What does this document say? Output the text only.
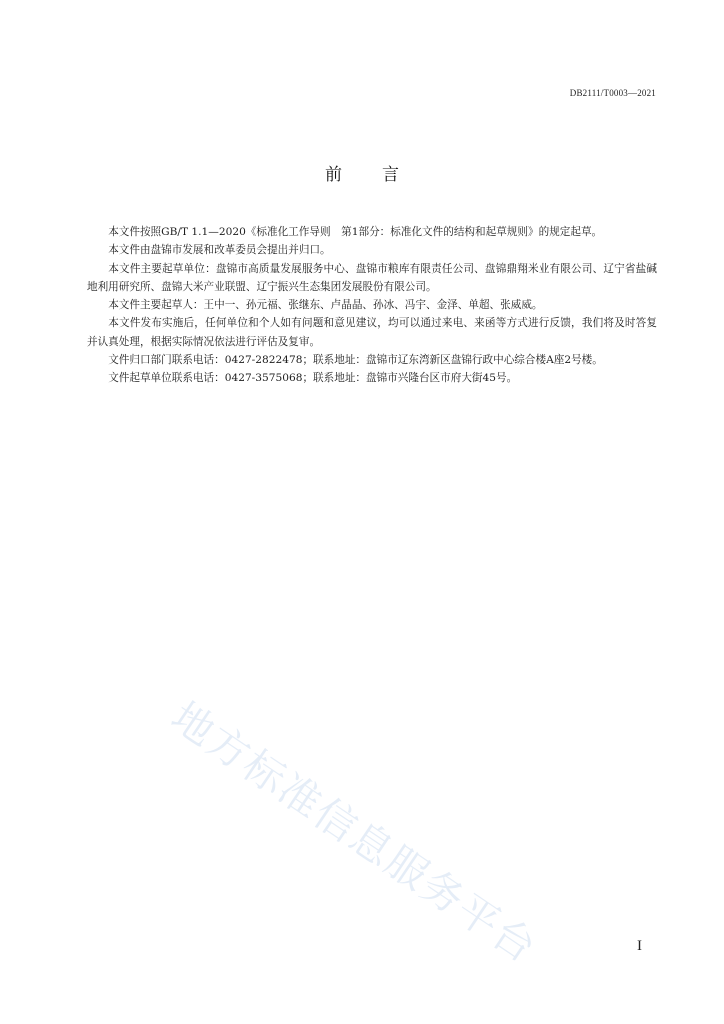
DB2111/T0003—2021
前言

本文件按照GB/T 1.1—2020《标准化工作导则　第1部分：标准化文件的结构和起草规则》的规定起草。

本文件由盘锦市发展和改革委员会提出并归口。

本文件主要起草单位：盘锦市高质量发展服务中心、盘锦市粮库有限责任公司、盘锦鼎翔米业有限公司、辽宁省盐碱地利用研究所、盘锦大米产业联盟、辽宁振兴生态集团发展股份有限公司。

本文件主要起草人：王中一、孙元福、张继东、卢晶晶、孙冰、冯宇、金泽、单超、张威威。

本文件发布实施后，任何单位和个人如有问题和意见建议，均可以通过来电、来函等方式进行反馈，我们将及时答复并认真处理，根据实际情况依法进行评估及复审。

文件归口部门联系电话：0427-2822478；联系地址：盘锦市辽东湾新区盘锦行政中心综合楼A座2号楼。

文件起草单位联系电话：0427-3575068；联系地址：盘锦市兴隆台区市府大街45号。

地方标准信息服务平台	I
